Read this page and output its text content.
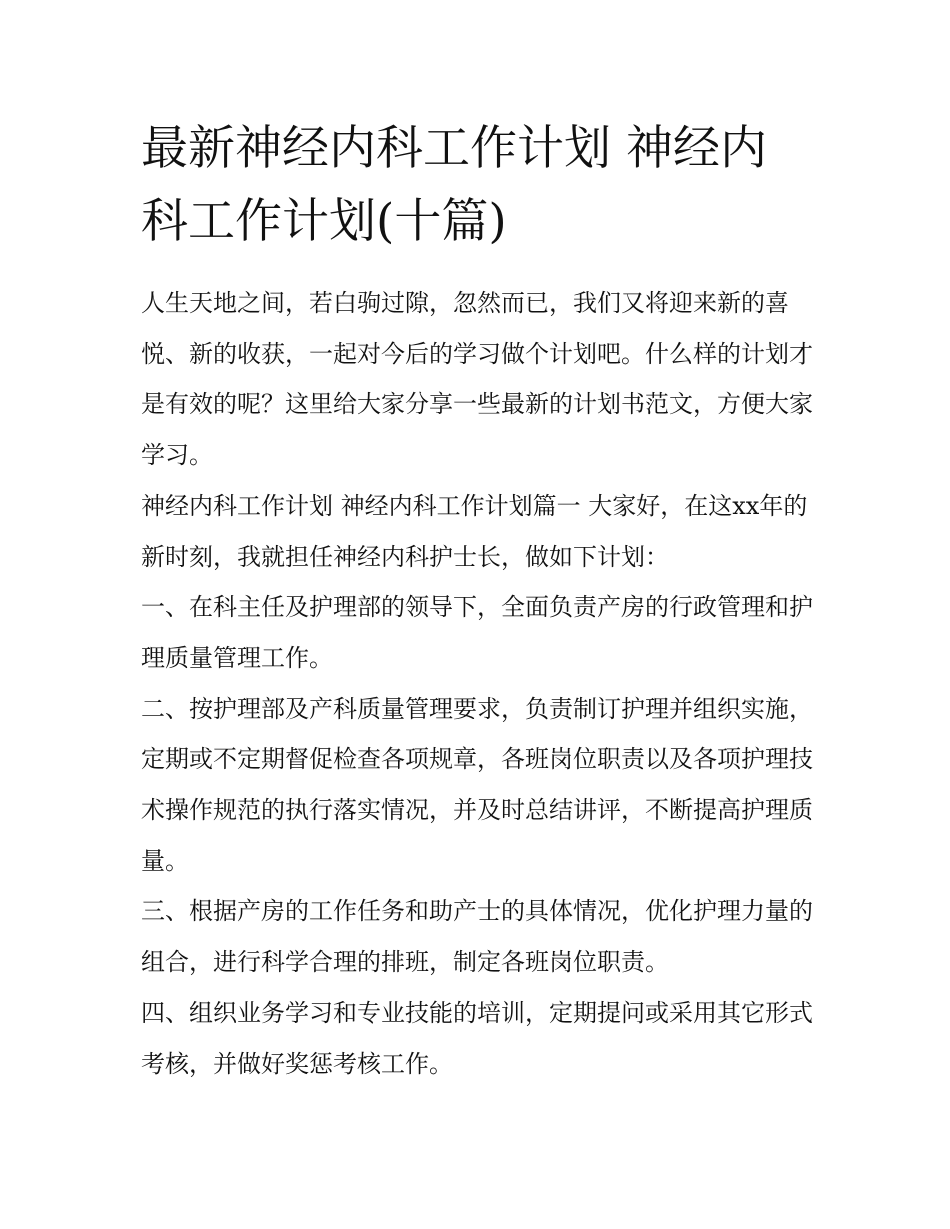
最新神经内科工作计划 神经内科工作计划(十篇)

人生天地之间，若白驹过隙，忽然而已，我们又将迎来新的喜悦、新的收获，一起对今后的学习做个计划吧。什么样的计划才是有效的呢？这里给大家分享一些最新的计划书范文，方便大家学习。

神经内科工作计划 神经内科工作计划篇一 大家好，在这xx年的新时刻，我就担任神经内科护士长，做如下计划：

一、在科主任及护理部的领导下，全面负责产房的行政管理和护理质量管理工作。

二、按护理部及产科质量管理要求，负责制订护理并组织实施，定期或不定期督促检查各项规章，各班岗位职责以及各项护理技术操作规范的执行落实情况，并及时总结讲评，不断提高护理质量。

三、根据产房的工作任务和助产士的具体情况，优化护理力量的组合，进行科学合理的排班，制定各班岗位职责。

四、组织业务学习和专业技能的培训，定期提问或采用其它形式考核，并做好奖惩考核工作。
